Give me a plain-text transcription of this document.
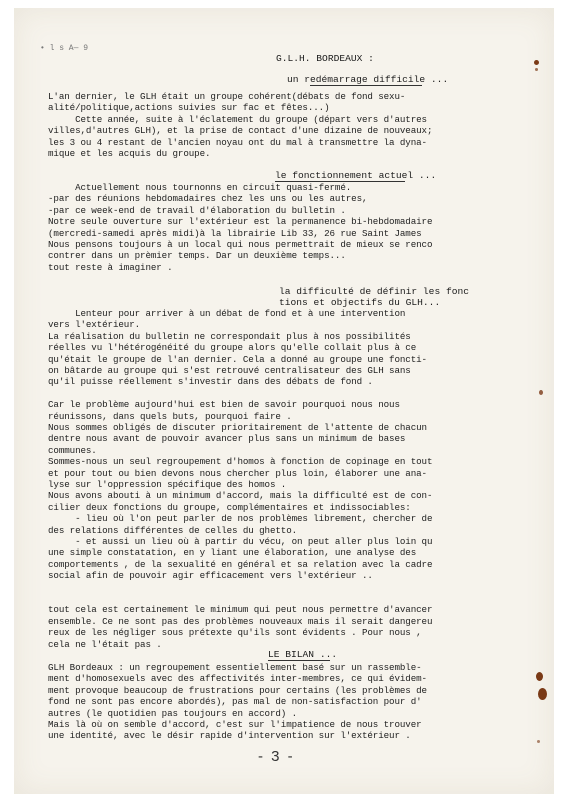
• l s A— 9
G.L.H. BORDEAUX :
un redémarrage difficile ...
le fonctionnement actuel ...
la difficulté de définir les fonc
tions et objectifs du GLH...
LE BILAN ...
- 3 -
L'an dernier, le GLH était un groupe cohérent(débats de fond sexu-
alité/politique,actions suivies sur fac et fêtes...)
Cette année, suite à l'éclatement du groupe (départ vers d'autres
villes,d'autres GLH), et la prise de contact d'une dizaine de nouveaux;
les 3 ou 4 restant de l'ancien noyau ont du mal à transmettre la dyna-
mique et les acquis du groupe.
Actuellement nous tournonns en circuit quasi-fermé.
-par des réunions hebdomadaires chez les uns ou les autres,
-par ce week-end de travail d'élaboration du bulletin .
Notre seule ouverture sur l'extérieur est la permanence bi-hebdomadaire
(mercredi-samedi après midi)à la librairie Lib 33, 26 rue Saint James
Nous pensons toujours à un local qui nous permettrait de mieux se renco
contrer dans un prèmier temps. Dar un deuxième temps...
tout reste à imaginer .
Lenteur pour arriver à un débat de fond et à une intervention
vers l'extérieur.
La réalisation du bulletin ne correspondait plus à nos possibilités
réelles vu l'hétérogénéité du groupe alors qu'elle collait plus à ce
qu'était le groupe de l'an dernier. Cela a donné au groupe une foncti-
on bâtarde au groupe qui s'est retrouvé centralisateur des GLH sans
qu'il puisse réellement s'investir dans des débats de fond .
Car le problème aujourd'hui est bien de savoir pourquoi nous nous
réunissons, dans quels buts, pourquoi faire .
Nous sommes obligés de discuter prioritairement de l'attente de chacun
dentre nous avant de pouvoir avancer plus sans un minimum de bases
communes.
Sommes-nous un seul regroupement d'homos à fonction de copinage en tout
et pour tout ou bien devons nous chercher plus loin, élaborer une ana-
lyse sur l'oppression spécifique des homos .
Nous avons abouti à un minimum d'accord, mais la difficulté est de con-
cilier deux fonctions du groupe, complémentaires et indissociables:
- lieu où l'on peut parler de nos problèmes librement, chercher de
des relations différentes de celles du ghetto.
- et aussi un lieu où à partir du vécu, on peut aller plus loin qu
une simple constatation, en y liant une élaboration, une analyse des
comportements , de la sexualité en général et sa relation avec la cadre
social afin de pouvoir agir efficacement vers l'extérieur ..
tout cela est certainement le minimum qui peut nous permettre d'avancer
ensemble. Ce ne sont pas des problèmes nouveaux mais il serait dangereu
reux de les négliger sous prétexte qu'ils sont évidents . Pour nous ,
cela ne l'était pas .
GLH Bordeaux : un regroupement essentiellement basé sur un rassemble-
ment d'homosexuels avec des affectivités inter-membres, ce qui évidem-
ment provoque beaucoup de frustrations pour certains (les problèmes de
fond ne sont pas encore abordés), pas mal de non-satisfaction pour d'
autres (le quotidien pas toujours en accord) .
Mais là où on semble d'accord, c'est sur l'impatience de nous trouver
une identité, avec le désir rapide d'intervention sur l'extérieur .
